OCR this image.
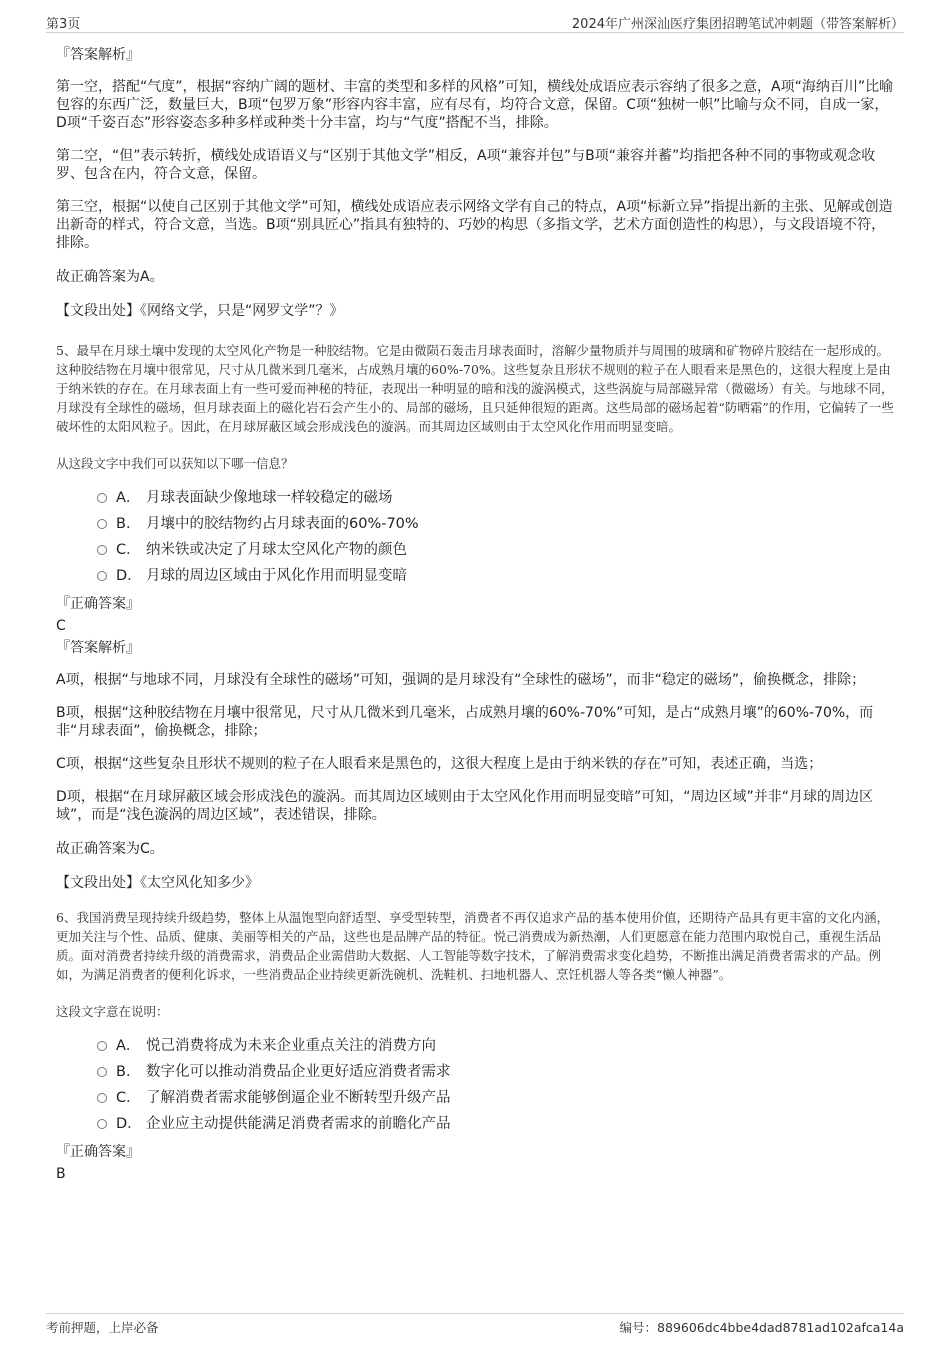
第3页	2024年广州深汕医疗集团招聘笔试冲刺题（带答案解析）

『答案解析』

第一空，搭配“气度”，根据“容纳广阔的题材、丰富的类型和多样的风格”可知，横线处成语应表示容纳了很多之意，A项“海纳百川”比喻包容的东西广泛，数量巨大，B项“包罗万象”形容内容丰富，应有尽有，均符合文意，保留。C项“独树一帜”比喻与众不同，自成一家，D项“千姿百态”形容姿态多种多样或种类十分丰富，均与“气度”搭配不当，排除。

第二空，“但”表示转折，横线处成语语义与“区别于其他文学”相反，A项“兼容并包”与B项“兼容并蓄”均指把各种不同的事物或观念收罗、包含在内，符合文意，保留。

第三空，根据“以使自己区别于其他文学”可知，横线处成语应表示网络文学有自己的特点，A项“标新立异”指提出新的主张、见解或创造出新奇的样式，符合文意，当选。B项“别具匠心”指具有独特的、巧妙的构思（多指文学，艺术方面创造性的构思），与文段语境不符，排除。

故正确答案为A。

【文段出处】《网络文学，只是“网罗文学”？》

5、最早在月球土壤中发现的太空风化产物是一种胶结物。它是由微陨石轰击月球表面时，溶解少量物质并与周围的玻璃和矿物碎片胶结在一起形成的。这种胶结物在月壤中很常见，尺寸从几微米到几毫米，占成熟月壤的60%-70%。这些复杂且形状不规则的粒子在人眼看来是黑色的，这很大程度上是由于纳米铁的存在。在月球表面上有一些可爱而神秘的特征，表现出一种明显的暗和浅的漩涡模式，这些涡旋与局部磁异常（微磁场）有关。与地球不同，月球没有全球性的磁场，但月球表面上的磁化岩石会产生小的、局部的磁场，且只延伸很短的距离。这些局部的磁场起着“防晒霜”的作用，它偏转了一些破坏性的太阳风粒子。因此，在月球屏蔽区域会形成浅色的漩涡。而其周边区域则由于太空风化作用而明显变暗。

从这段文字中我们可以获知以下哪一信息？

A． 月球表面缺少像地球一样较稳定的磁场
B． 月壤中的胶结物约占月球表面的60%-70%
C． 纳米铁或决定了月球太空风化产物的颜色
D． 月球的周边区域由于风化作用而明显变暗

『正确答案』

C

『答案解析』

A项，根据“与地球不同，月球没有全球性的磁场”可知，强调的是月球没有“全球性的磁场”，而非“稳定的磁场”，偷换概念，排除；

B项，根据“这种胶结物在月壤中很常见，尺寸从几微米到几毫米，占成熟月壤的60%-70%”可知，是占“成熟月壤”的60%-70%，而非“月球表面”，偷换概念，排除；

C项，根据“这些复杂且形状不规则的粒子在人眼看来是黑色的，这很大程度上是由于纳米铁的存在”可知，表述正确，当选；

D项，根据“在月球屏蔽区域会形成浅色的漩涡。而其周边区域则由于太空风化作用而明显变暗”可知，“周边区域”并非“月球的周边区域”，而是“浅色漩涡的周边区域”，表述错误，排除。

故正确答案为C。

【文段出处】《太空风化知多少》

6、我国消费呈现持续升级趋势，整体上从温饱型向舒适型、享受型转型，消费者不再仅追求产品的基本使用价值，还期待产品具有更丰富的文化内涵，更加关注与个性、品质、健康、美丽等相关的产品，这些也是品牌产品的特征。悦己消费成为新热潮，人们更愿意在能力范围内取悦自己，重视生活品质。面对消费者持续升级的消费需求，消费品企业需借助大数据、人工智能等数字技术，了解消费需求变化趋势，不断推出满足消费者需求的产品。例如，为满足消费者的便利化诉求，一些消费品企业持续更新洗碗机、洗鞋机、扫地机器人、烹饪机器人等各类“懒人神器”。

这段文字意在说明：

A． 悦己消费将成为未来企业重点关注的消费方向
B． 数字化可以推动消费品企业更好适应消费者需求
C． 了解消费者需求能够倒逼企业不断转型升级产品
D． 企业应主动提供能满足消费者需求的前瞻化产品

『正确答案』

B

考前押题，上岸必备	编号：889606dc4bbe4dad8781ad102afca14a
